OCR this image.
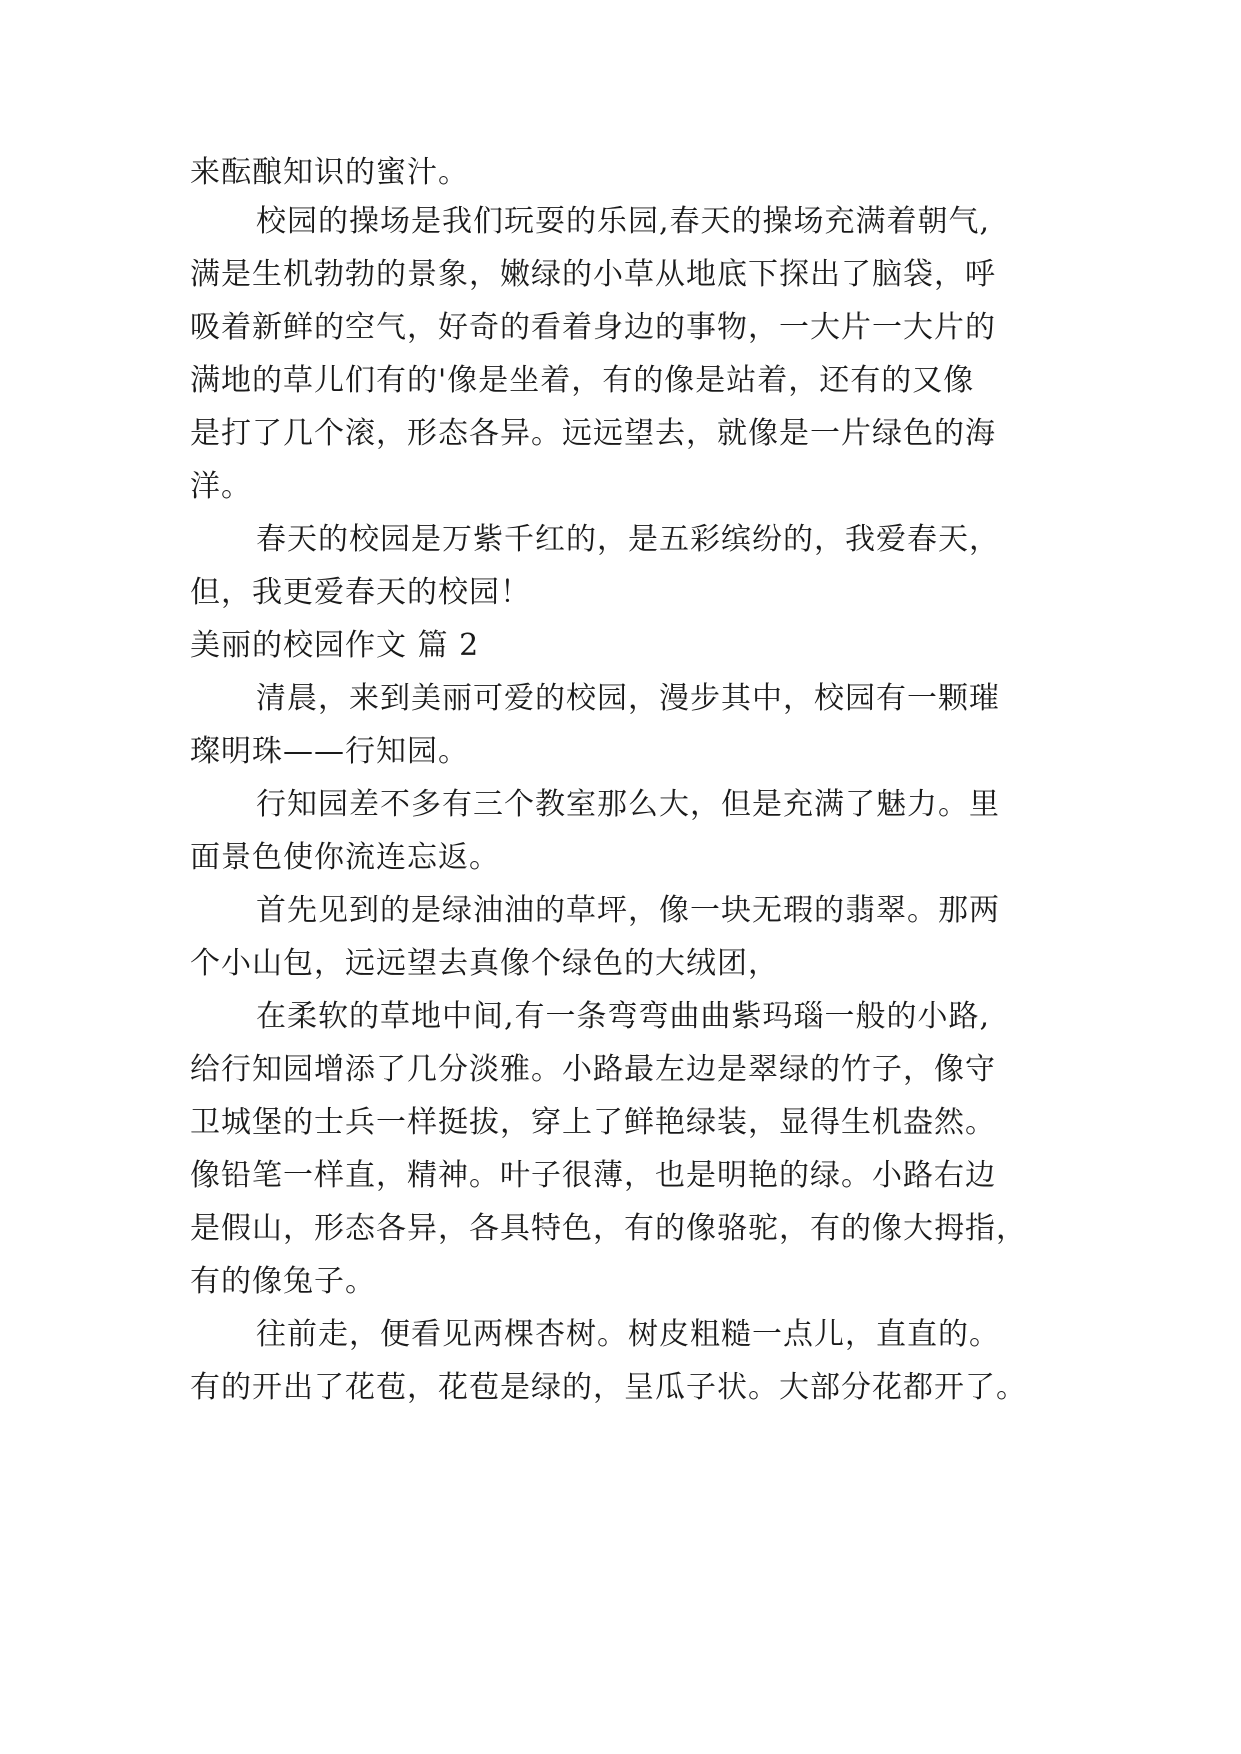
来酝酿知识的蜜汁。
校园的操场是我们玩耍的乐园,春天的操场充满着朝气,
满是生机勃勃的景象，嫩绿的小草从地底下探出了脑袋，呼
吸着新鲜的空气，好奇的看着身边的事物，一大片一大片的
满地的草儿们有的'像是坐着，有的像是站着，还有的又像
是打了几个滚，形态各异。远远望去，就像是一片绿色的海
洋。
春天的校园是万紫千红的，是五彩缤纷的，我爱春天，
但，我更爱春天的校园！
美丽的校园作文 篇 2
清晨，来到美丽可爱的校园，漫步其中，校园有一颗璀
璨明珠——行知园。
行知园差不多有三个教室那么大，但是充满了魅力。里
面景色使你流连忘返。
首先见到的是绿油油的草坪，像一块无瑕的翡翠。那两
个小山包，远远望去真像个绿色的大绒团，
在柔软的草地中间,有一条弯弯曲曲紫玛瑙一般的小路,
给行知园增添了几分淡雅。小路最左边是翠绿的竹子，像守
卫城堡的士兵一样挺拔，穿上了鲜艳绿装，显得生机盎然。
像铅笔一样直，精神。叶子很薄，也是明艳的绿。小路右边
是假山，形态各异，各具特色，有的像骆驼，有的像大拇指，
有的像兔子。
往前走，便看见两棵杏树。树皮粗糙一点儿，直直的。
有的开出了花苞，花苞是绿的，呈瓜子状。大部分花都开了。
